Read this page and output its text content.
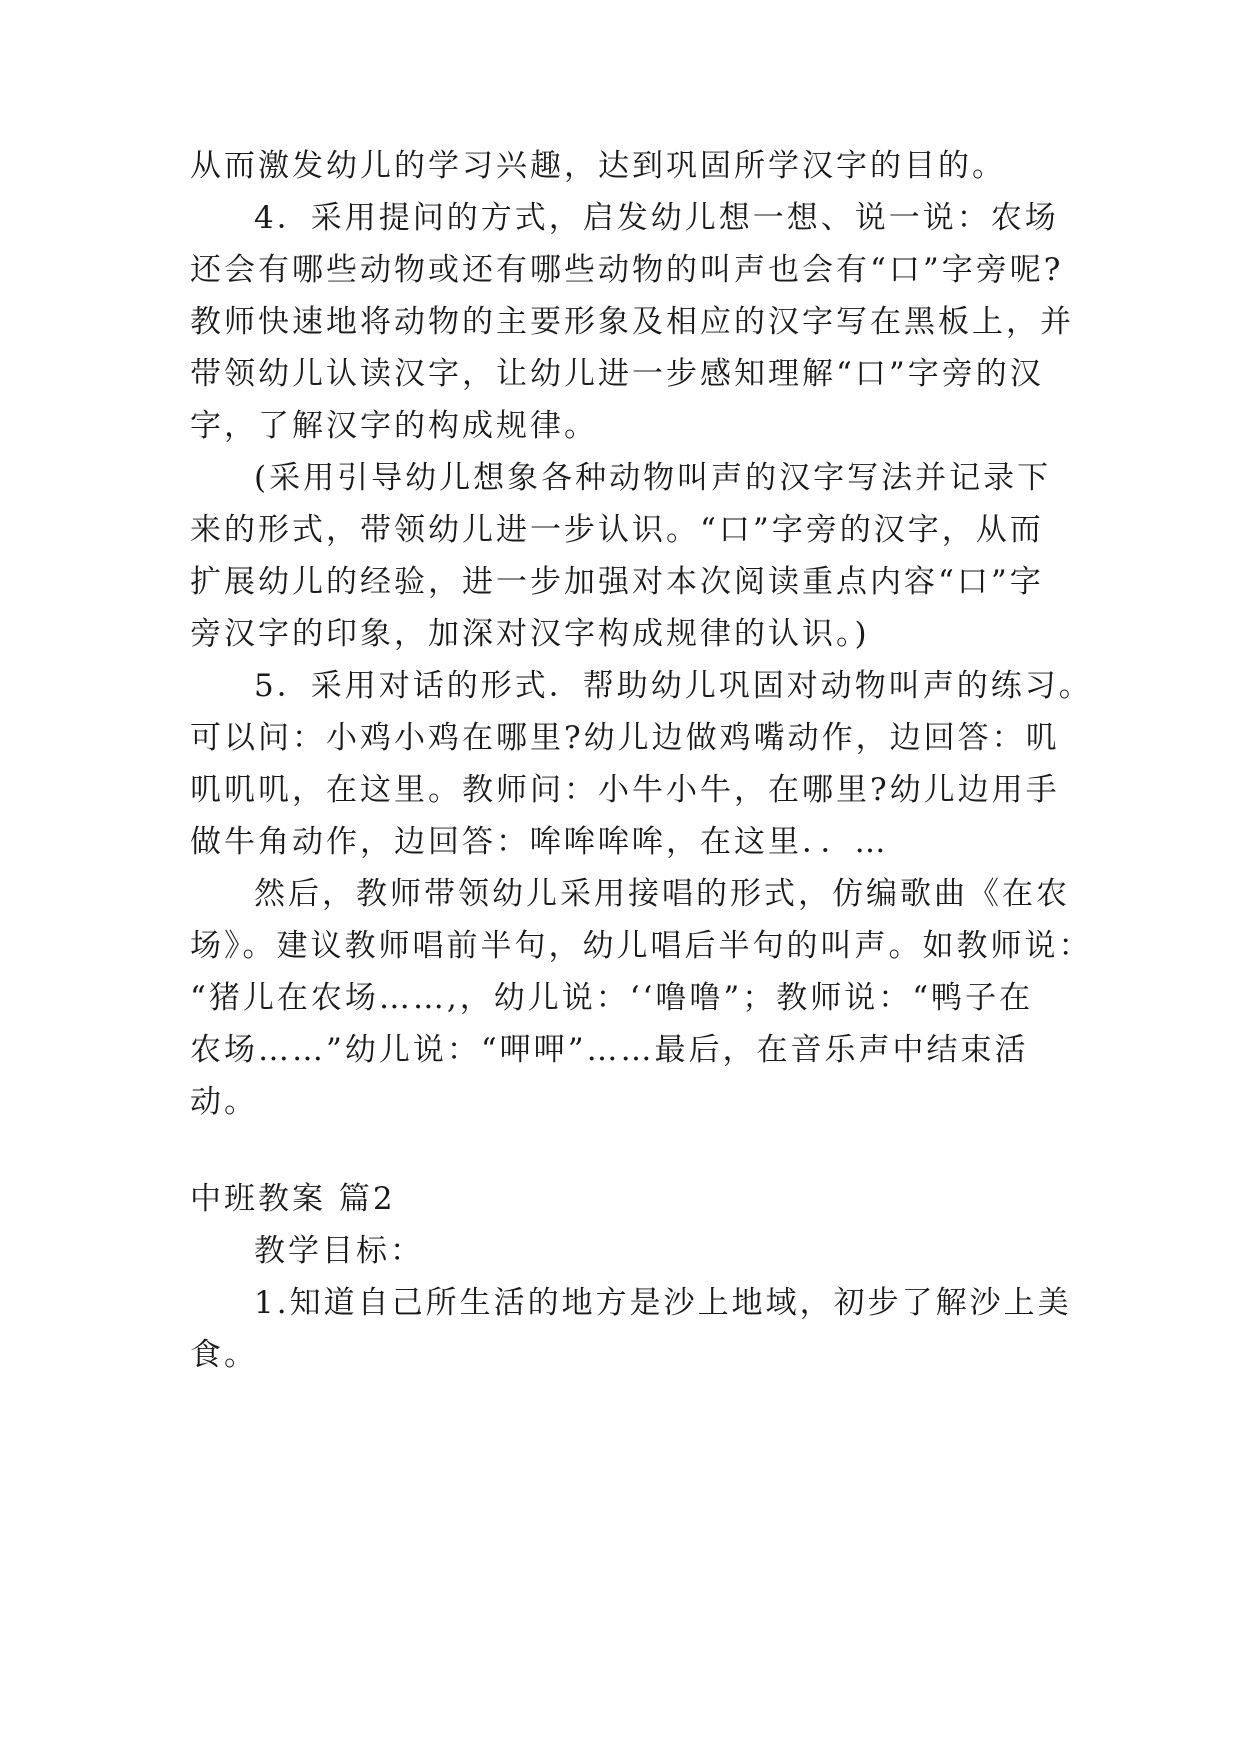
从而激发幼儿的学习兴趣，达到巩固所学汉字的目的。
4．采用提问的方式，启发幼儿想一想、说一说：农场
还会有哪些动物或还有哪些动物的叫声也会有“口”字旁呢?
教师快速地将动物的主要形象及相应的汉字写在黑板上，并
带领幼儿认读汉字，让幼儿进一步感知理解“口”字旁的汉
字，了解汉字的构成规律。
(采用引导幼儿想象各种动物叫声的汉字写法并记录下
来的形式，带领幼儿进一步认识。“口”字旁的汉字，从而
扩展幼儿的经验，进一步加强对本次阅读重点内容“口”字
旁汉字的印象，加深对汉字构成规律的认识。)
5．采用对话的形式．帮助幼儿巩固对动物叫声的练习。
可以问：小鸡小鸡在哪里?幼儿边做鸡嘴动作，边回答：叽
叽叽叽，在这里。教师问：小牛小牛，在哪里?幼儿边用手
做牛角动作，边回答：哞哞哞哞，在这里．．…
然后，教师带领幼儿采用接唱的形式，仿编歌曲《在农
场》。建议教师唱前半句，幼儿唱后半句的叫声。如教师说：
“猪儿在农场……,，幼儿说：‘‘噜噜”；教师说：“鸭子在
农场……”幼儿说：“呷呷”……最后，在音乐声中结束活
动。
中班教案 篇2
教学目标：
1.知道自己所生活的地方是沙上地域，初步了解沙上美
食。
